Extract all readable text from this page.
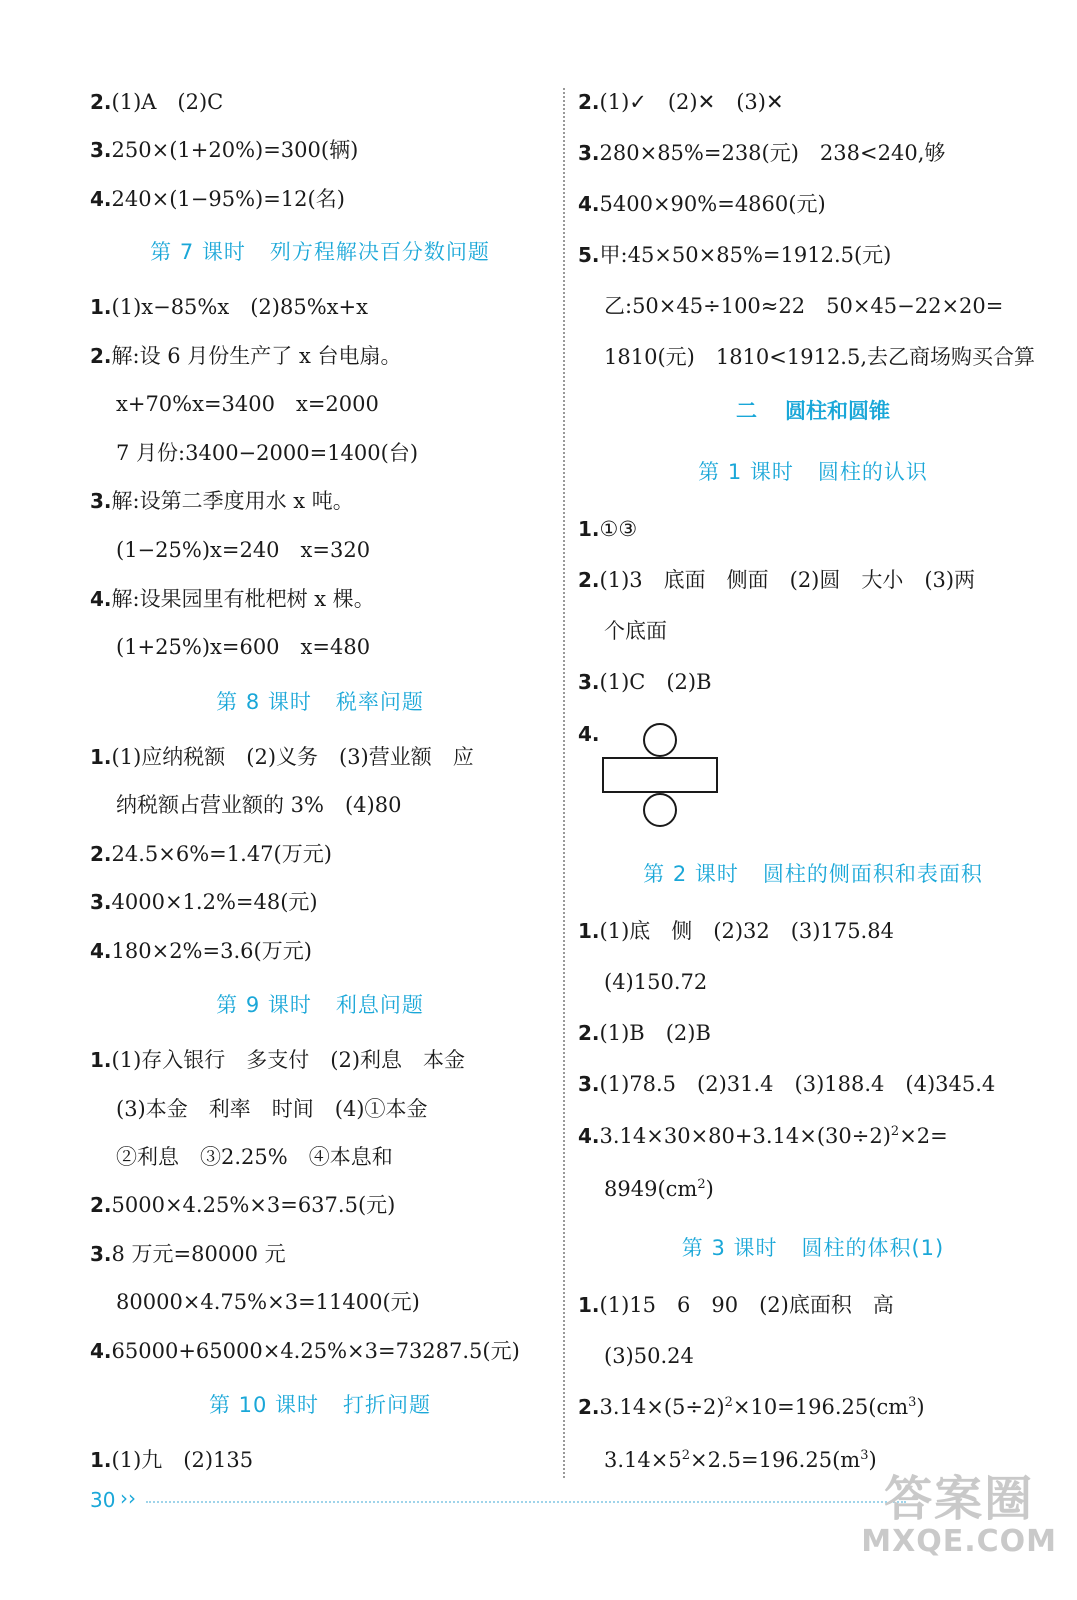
2.(1)A　(2)C
3.250×(1+20%)=300(辆)
4.240×(1−95%)=12(名)
第 7 课时 列方程解决百分数问题
1.(1)x−85%x　(2)85%x+x
2.解:设 6 月份生产了 x 台电扇。
x+70%x=3400　x=2000
7 月份:3400−2000=1400(台)
3.解:设第二季度用水 x 吨。
(1−25%)x=240　x=320
4.解:设果园里有枇杷树 x 棵。
(1+25%)x=600　x=480
第 8 课时 税率问题
1.(1)应纳税额　(2)义务　(3)营业额　应
纳税额占营业额的 3%　(4)80
2.24.5×6%=1.47(万元)
3.4000×1.2%=48(元)
4.180×2%=3.6(万元)
第 9 课时 利息问题
1.(1)存入银行　多支付　(2)利息　本金
(3)本金　利率　时间　(4)①本金
②利息　③2.25%　④本息和
2.5000×4.25%×3=637.5(元)
3.8 万元=80000 元
80000×4.75%×3=11400(元)
4.65000+65000×4.25%×3=73287.5(元)
第 10 课时 打折问题
1.(1)九　(2)135
2.(1)✓　(2)✕　(3)✕
3.280×85%=238(元)　238<240,够
4.5400×90%=4860(元)
5.甲:45×50×85%=1912.5(元)
乙:50×45÷100≈22　50×45−22×20=
1810(元)　1810<1912.5,去乙商场购买合算
二 圆柱和圆锥
第 1 课时 圆柱的认识
1.①③
2.(1)3　底面　侧面　(2)圆　大小　(3)两
个底面
3.(1)C　(2)B
4.
第 2 课时 圆柱的侧面积和表面积
1.(1)底　侧　(2)32　(3)175.84
(4)150.72
2.(1)B　(2)B
3.(1)78.5　(2)31.4　(3)188.4　(4)345.4
$4.3.14\times 30\times 80+3.14\times(30\div 2)^2\times 2=$
$8949(cm^2)$
第 3 课时 圆柱的体积(1)
1.(1)15　6　90　(2)底面积　高
(3)50.24
$2.3.14\times(5\div 2)^2\times 10=196.25(cm^3)$
$3.14\times 5^2\times 2.5=196.25(m^3)$
30 ››	答案圈
MXQE.COM
